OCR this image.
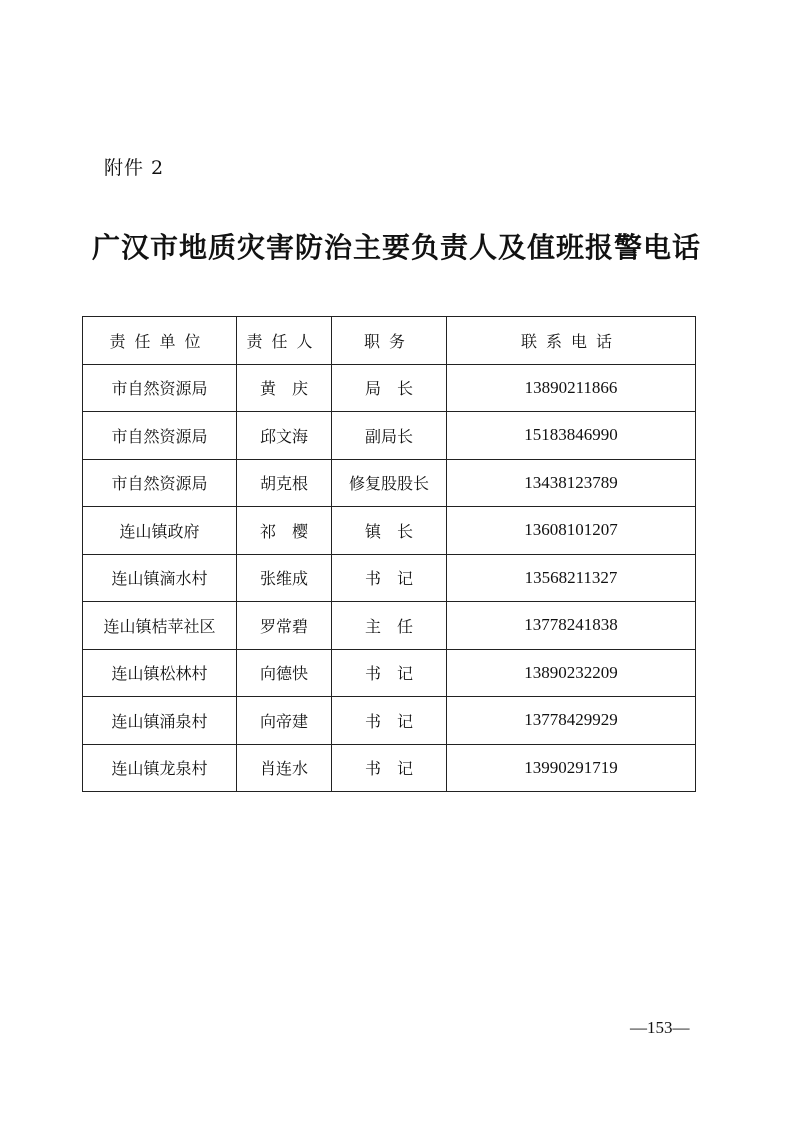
附件 2
广汉市地质灾害防治主要负责人及值班报警电话
责任单位	责任人	职务	联系电话
市自然资源局	黄　庆	局　长	13890211866
市自然资源局	邱文海	副局长	15183846990
市自然资源局	胡克根	修复股股长	13438123789
连山镇政府	祁　樱	镇　长	13608101207
连山镇滴水村	张维成	书　记	13568211327
连山镇桔苹社区	罗常碧	主　任	13778241838
连山镇松林村	向德快	书　记	13890232209
连山镇涌泉村	向帝建	书　记	13778429929
连山镇龙泉村	肖连水	书　记	13990291719
—153—
